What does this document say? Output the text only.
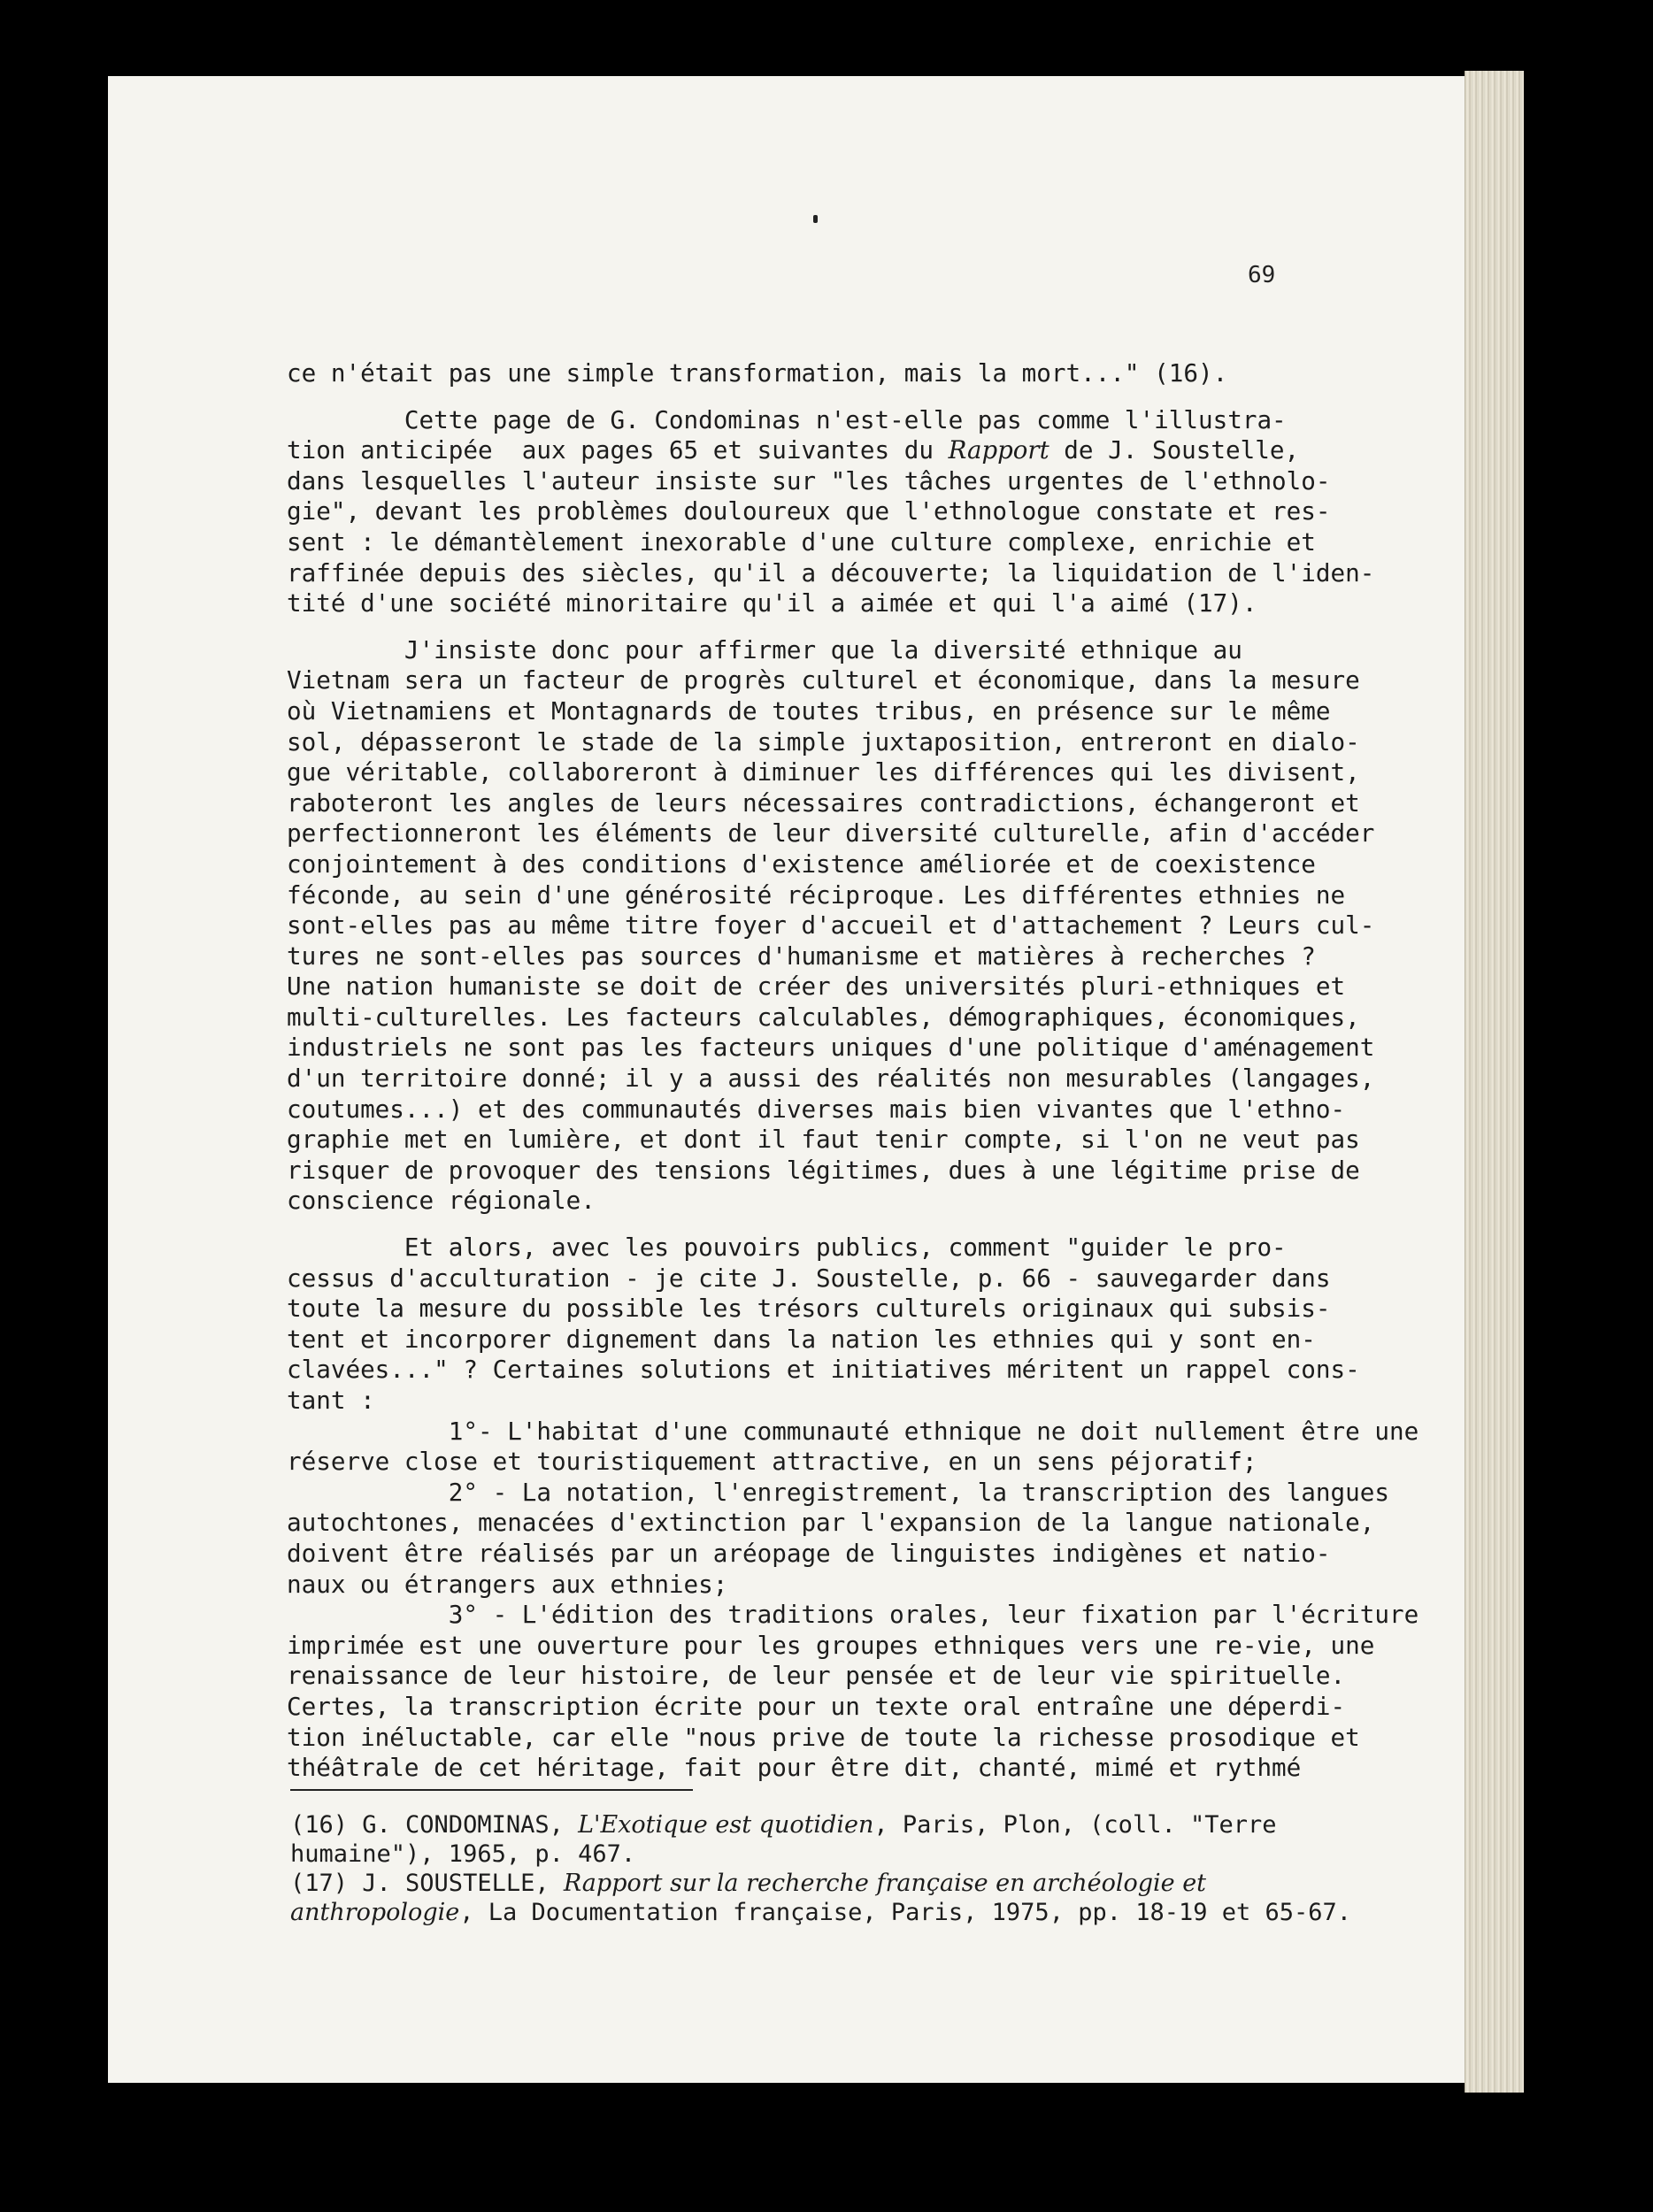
69
ce n'était pas une simple transformation, mais la mort..." (16).
Cette page de G. Condominas n'est-elle pas comme l'illustra-
tion anticipée  aux pages 65 et suivantes du Rapport de J. Soustelle,
dans lesquelles l'auteur insiste sur "les tâches urgentes de l'ethnolo-
gie", devant les problèmes douloureux que l'ethnologue constate et res-
sent : le démantèlement inexorable d'une culture complexe, enrichie et
raffinée depuis des siècles, qu'il a découverte; la liquidation de l'iden-
tité d'une société minoritaire qu'il a aimée et qui l'a aimé (17).
J'insiste donc pour affirmer que la diversité ethnique au
Vietnam sera un facteur de progrès culturel et économique, dans la mesure
où Vietnamiens et Montagnards de toutes tribus, en présence sur le même
sol, dépasseront le stade de la simple juxtaposition, entreront en dialo-
gue véritable, collaboreront à diminuer les différences qui les divisent,
raboteront les angles de leurs nécessaires contradictions, échangeront et
perfectionneront les éléments de leur diversité culturelle, afin d'accéder
conjointement à des conditions d'existence améliorée et de coexistence
féconde, au sein d'une générosité réciproque. Les différentes ethnies ne
sont-elles pas au même titre foyer d'accueil et d'attachement ? Leurs cul-
tures ne sont-elles pas sources d'humanisme et matières à recherches ?
Une nation humaniste se doit de créer des universités pluri-ethniques et
multi-culturelles. Les facteurs calculables, démographiques, économiques,
industriels ne sont pas les facteurs uniques d'une politique d'aménagement
d'un territoire donné; il y a aussi des réalités non mesurables (langages,
coutumes...) et des communautés diverses mais bien vivantes que l'ethno-
graphie met en lumière, et dont il faut tenir compte, si l'on ne veut pas
risquer de provoquer des tensions légitimes, dues à une légitime prise de
conscience régionale.
Et alors, avec les pouvoirs publics, comment "guider le pro-
cessus d'acculturation - je cite J. Soustelle, p. 66 - sauvegarder dans
toute la mesure du possible les trésors culturels originaux qui subsis-
tent et incorporer dignement dans la nation les ethnies qui y sont en-
clavées..." ? Certaines solutions et initiatives méritent un rappel cons-
tant :
1°- L'habitat d'une communauté ethnique ne doit nullement être une
réserve close et touristiquement attractive, en un sens péjoratif;
2° - La notation, l'enregistrement, la transcription des langues
autochtones, menacées d'extinction par l'expansion de la langue nationale,
doivent être réalisés par un aréopage de linguistes indigènes et natio-
naux ou étrangers aux ethnies;
3° - L'édition des traditions orales, leur fixation par l'écriture
imprimée est une ouverture pour les groupes ethniques vers une re-vie, une
renaissance de leur histoire, de leur pensée et de leur vie spirituelle.
Certes, la transcription écrite pour un texte oral entraîne une déperdi-
tion inéluctable, car elle "nous prive de toute la richesse prosodique et
théâtrale de cet héritage, fait pour être dit, chanté, mimé et rythmé
(16) G. CONDOMINAS, L'Exotique est quotidien, Paris, Plon, (coll. "Terre
humaine"), 1965, p. 467.
(17) J. SOUSTELLE, Rapport sur la recherche française en archéologie et
anthropologie, La Documentation française, Paris, 1975, pp. 18-19 et 65-67.
